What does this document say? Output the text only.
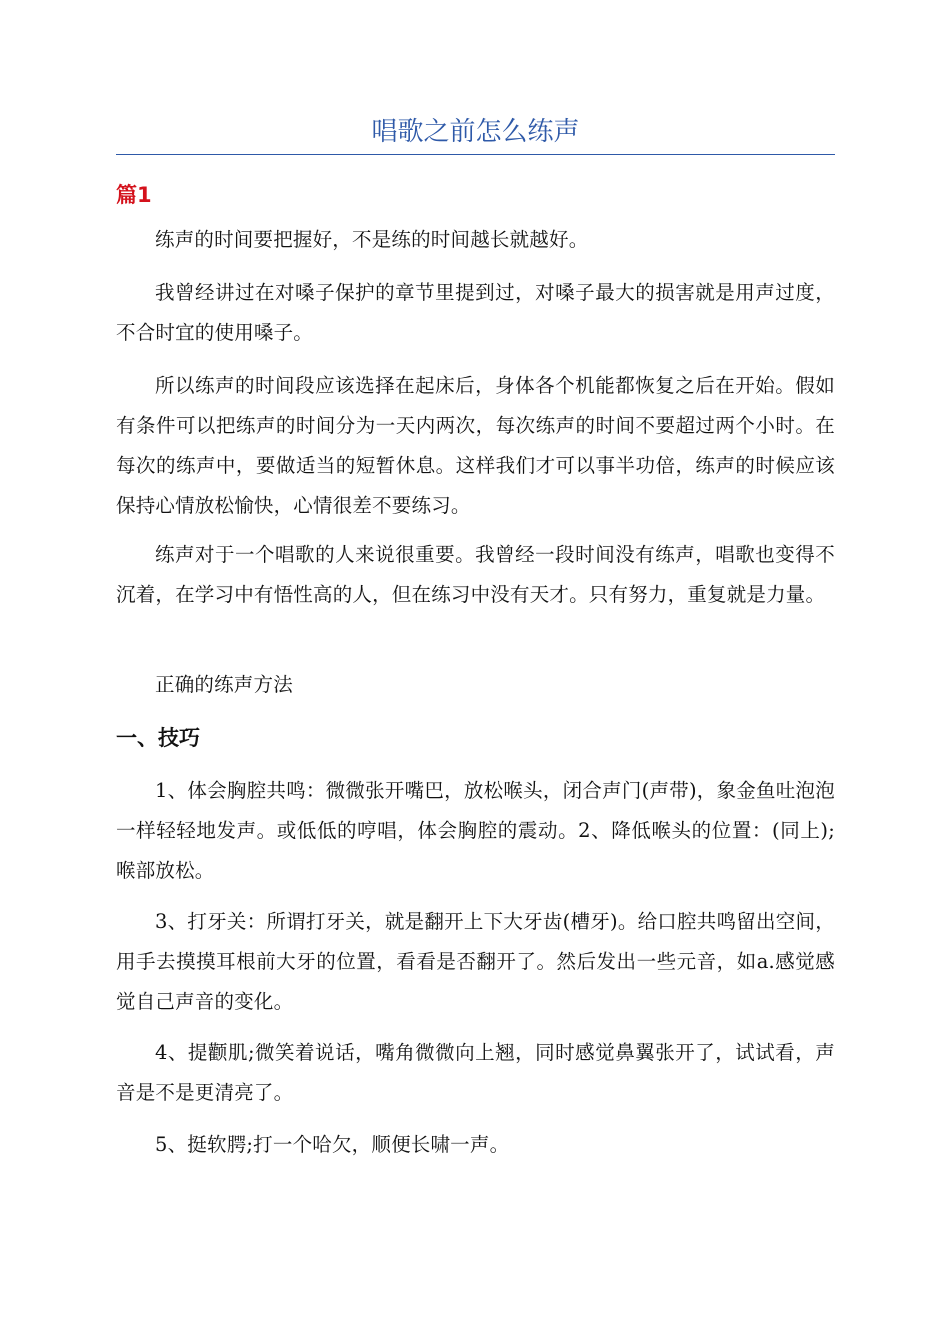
唱歌之前怎么练声
篇1

练声的时间要把握好，不是练的时间越长就越好。

我曾经讲过在对嗓子保护的章节里提到过，对嗓子最大的损害就是用声过度，不合时宜的使用嗓子。

所以练声的时间段应该选择在起床后，身体各个机能都恢复之后在开始。假如有条件可以把练声的时间分为一天内两次，每次练声的时间不要超过两个小时。在每次的练声中，要做适当的短暂休息。这样我们才可以事半功倍，练声的时候应该保持心情放松愉快，心情很差不要练习。

练声对于一个唱歌的人来说很重要。我曾经一段时间没有练声，唱歌也变得不沉着，在学习中有悟性高的人，但在练习中没有天才。只有努力，重复就是力量。

正确的练声方法

一、技巧

1、体会胸腔共鸣：微微张开嘴巴，放松喉头，闭合声门(声带)，象金鱼吐泡泡一样轻轻地发声。或低低的哼唱，体会胸腔的震动。2、降低喉头的位置：(同上);喉部放松。

3、打牙关：所谓打牙关，就是翻开上下大牙齿(槽牙)。给口腔共鸣留出空间，用手去摸摸耳根前大牙的位置，看看是否翻开了。然后发出一些元音，如a.感觉感觉自己声音的变化。

4、提颧肌;微笑着说话，嘴角微微向上翘，同时感觉鼻翼张开了，试试看，声音是不是更清亮了。

5、挺软腭;打一个哈欠，顺便长啸一声。
